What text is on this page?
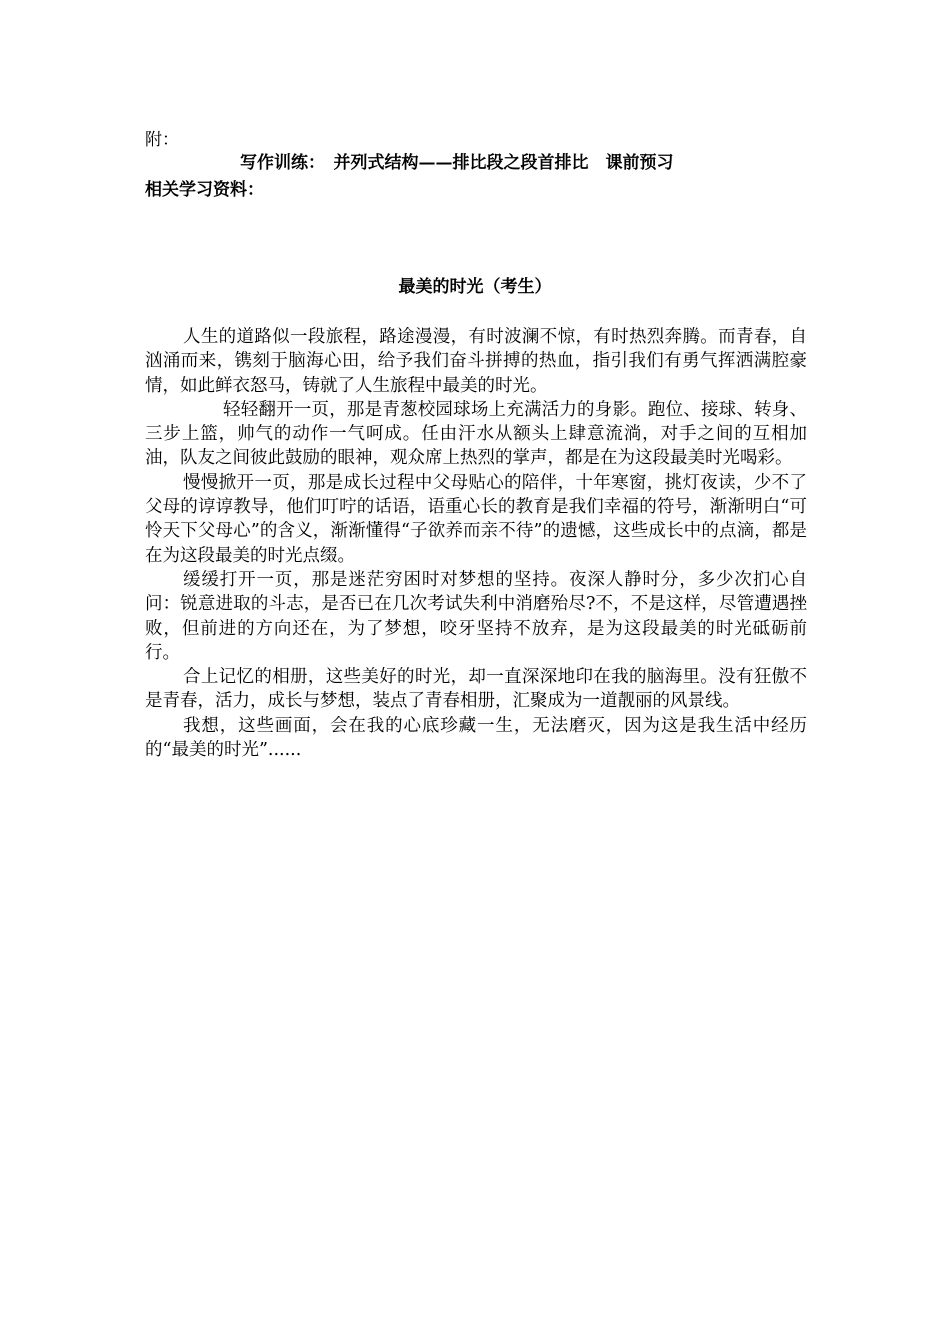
附：
写作训练：　并列式结构——排比段之段首排比　课前预习
相关学习资料：
最美的时光（考生）

人生的道路似一段旅程，路途漫漫，有时波澜不惊，有时热烈奔腾。而青春，自汹涌而来，镌刻于脑海心田，给予我们奋斗拼搏的热血，指引我们有勇气挥洒满腔豪情，如此鲜衣怒马，铸就了人生旅程中最美的时光。

轻轻翻开一页，那是青葱校园球场上充满活力的身影。跑位、接球、转身、三步上篮，帅气的动作一气呵成。任由汗水从额头上肆意流淌，对手之间的互相加油，队友之间彼此鼓励的眼神，观众席上热烈的掌声，都是在为这段最美时光喝彩。

慢慢掀开一页，那是成长过程中父母贴心的陪伴，十年寒窗，挑灯夜读，少不了父母的谆谆教导，他们叮咛的话语，语重心长的教育是我们幸福的符号，渐渐明白“可怜天下父母心”的含义，渐渐懂得“子欲养而亲不待”的遗憾，这些成长中的点滴，都是在为这段最美的时光点缀。

缓缓打开一页，那是迷茫穷困时对梦想的坚持。夜深人静时分，多少次扪心自问：锐意进取的斗志，是否已在几次考试失利中消磨殆尽?不，不是这样，尽管遭遇挫败，但前进的方向还在，为了梦想，咬牙坚持不放弃，是为这段最美的时光砥砺前行。

合上记忆的相册，这些美好的时光，却一直深深地印在我的脑海里。没有狂傲不是青春，活力，成长与梦想，装点了青春相册，汇聚成为一道靓丽的风景线。

我想，这些画面，会在我的心底珍藏一生，无法磨灭，因为这是我生活中经历的“最美的时光”......
